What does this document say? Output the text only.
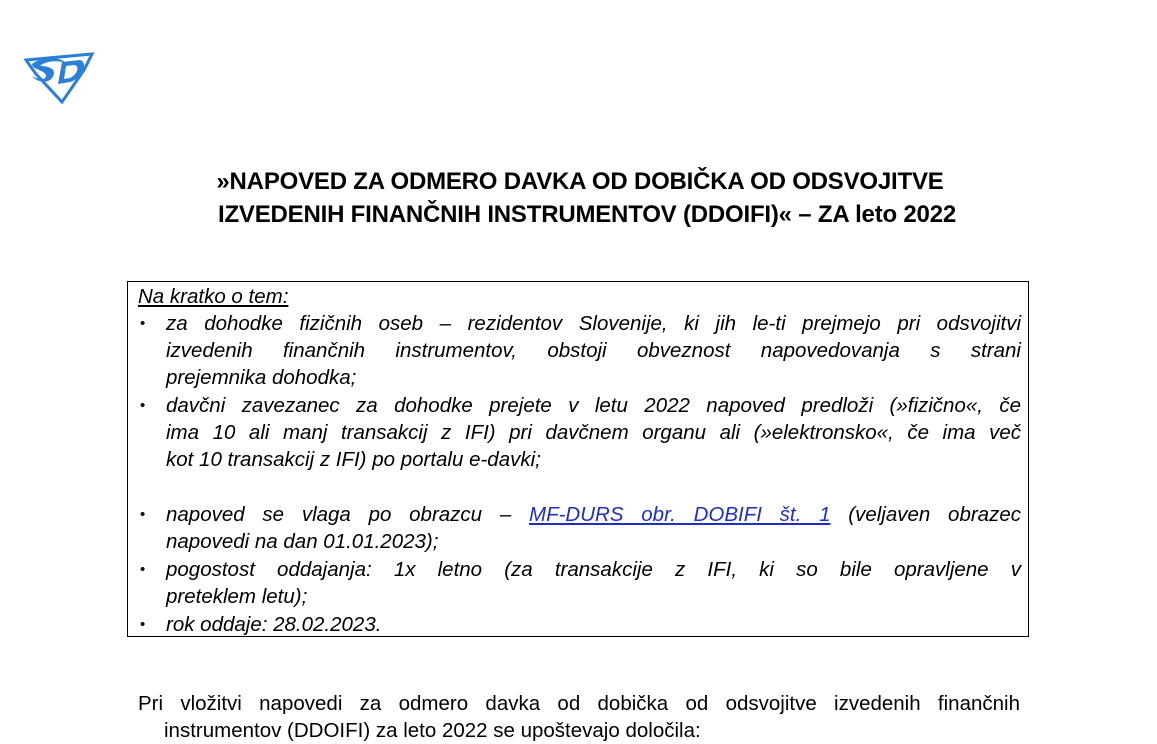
»NAPOVED ZA ODMERO DAVKA OD DOBIČKA OD ODSVOJITVE
IZVEDENIH FINANČNIH INSTRUMENTOV (DDOIFI)« – ZA leto 2022
Na kratko o tem:
• za dohodke fizičnih oseb – rezidentov Slovenije, ki jih le-ti prejmejo pri odsvojitvi
izvedenih finančnih instrumentov, obstoji obveznost napovedovanja s strani
prejemnika dohodka;
• davčni zavezanec za dohodke prejete v letu 2022 napoved predloži (»fizično«, če
ima 10 ali manj transakcij z IFI) pri davčnem organu ali (»elektronsko«, če ima več
kot 10 transakcij z IFI) po portalu e-davki;
• napoved se vlaga po obrazcu – MF-DURS obr. DOBIFI št. 1 (veljaven obrazec
napovedi na dan 01.01.2023);
• pogostost oddajanja: 1x letno (za transakcije z IFI, ki so bile opravljene v
preteklem letu);
• rok oddaje: 28.02.2023.
Pri vložitvi napovedi za odmero davka od dobička od odsvojitve izvedenih finančnih
instrumentov (DDOIFI) za leto 2022 se upoštevajo določila:
